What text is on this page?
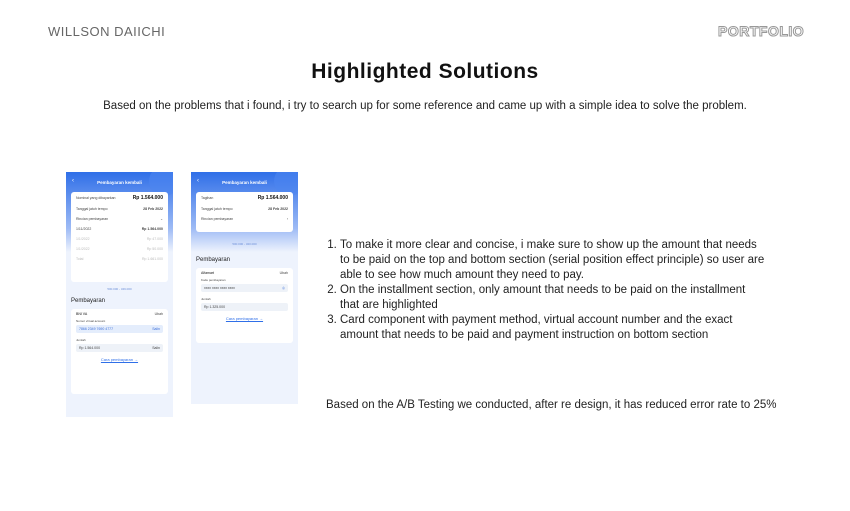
WILLSON DAIICHI	PORTFOLIO
Highlighted Solutions
Based on the problems that i found, i try to search up for some reference and came up with a simple idea to solve the problem.
‹	Pembayaran kembali
Nominal yang dibayarkan	Rp 1.564.000
Tanggal jatuh tempo	28 Feb 2022
Rincian pembayaran	⌄
1/11/2022	Rp 1.564.000
1/1/2022	Rp 47.000
1/1/2022	Rp 50.000
Total	Rp 1.661.000
500.000 - 349.000
Pembayaran
BNI VA	Ubah
Nomor virtual account
7866 2349 7690 4777	Salin
Jumlah
Rp 1.564.000	Salin
Cara pembayaran →
‹	Pembayaran kembali
Tagihan	Rp 1.564.000
Tanggal jatuh tempo	28 Feb 2022
Rincian pembayaran	›
500.000 - 320.000
Pembayaran
Alfamart	Ubah
Kode pembayaran
xxxx xxxx xxxx xxxx	◎
Jumlah
Rp 1.325.000
Cara pembayaran →
1. To make it more clear and concise, i make sure to show up the amount that needs to be paid on the top and bottom section (serial position effect principle) so user are able to see how much amount they need to pay.
2. On the installment section, only amount that needs to be paid on the installment that are highlighted
3. Card component with payment method, virtual account number and the exact amount that needs to be paid and payment instruction on bottom section
Based on the A/B Testing we conducted, after re design, it has reduced error rate to 25%
